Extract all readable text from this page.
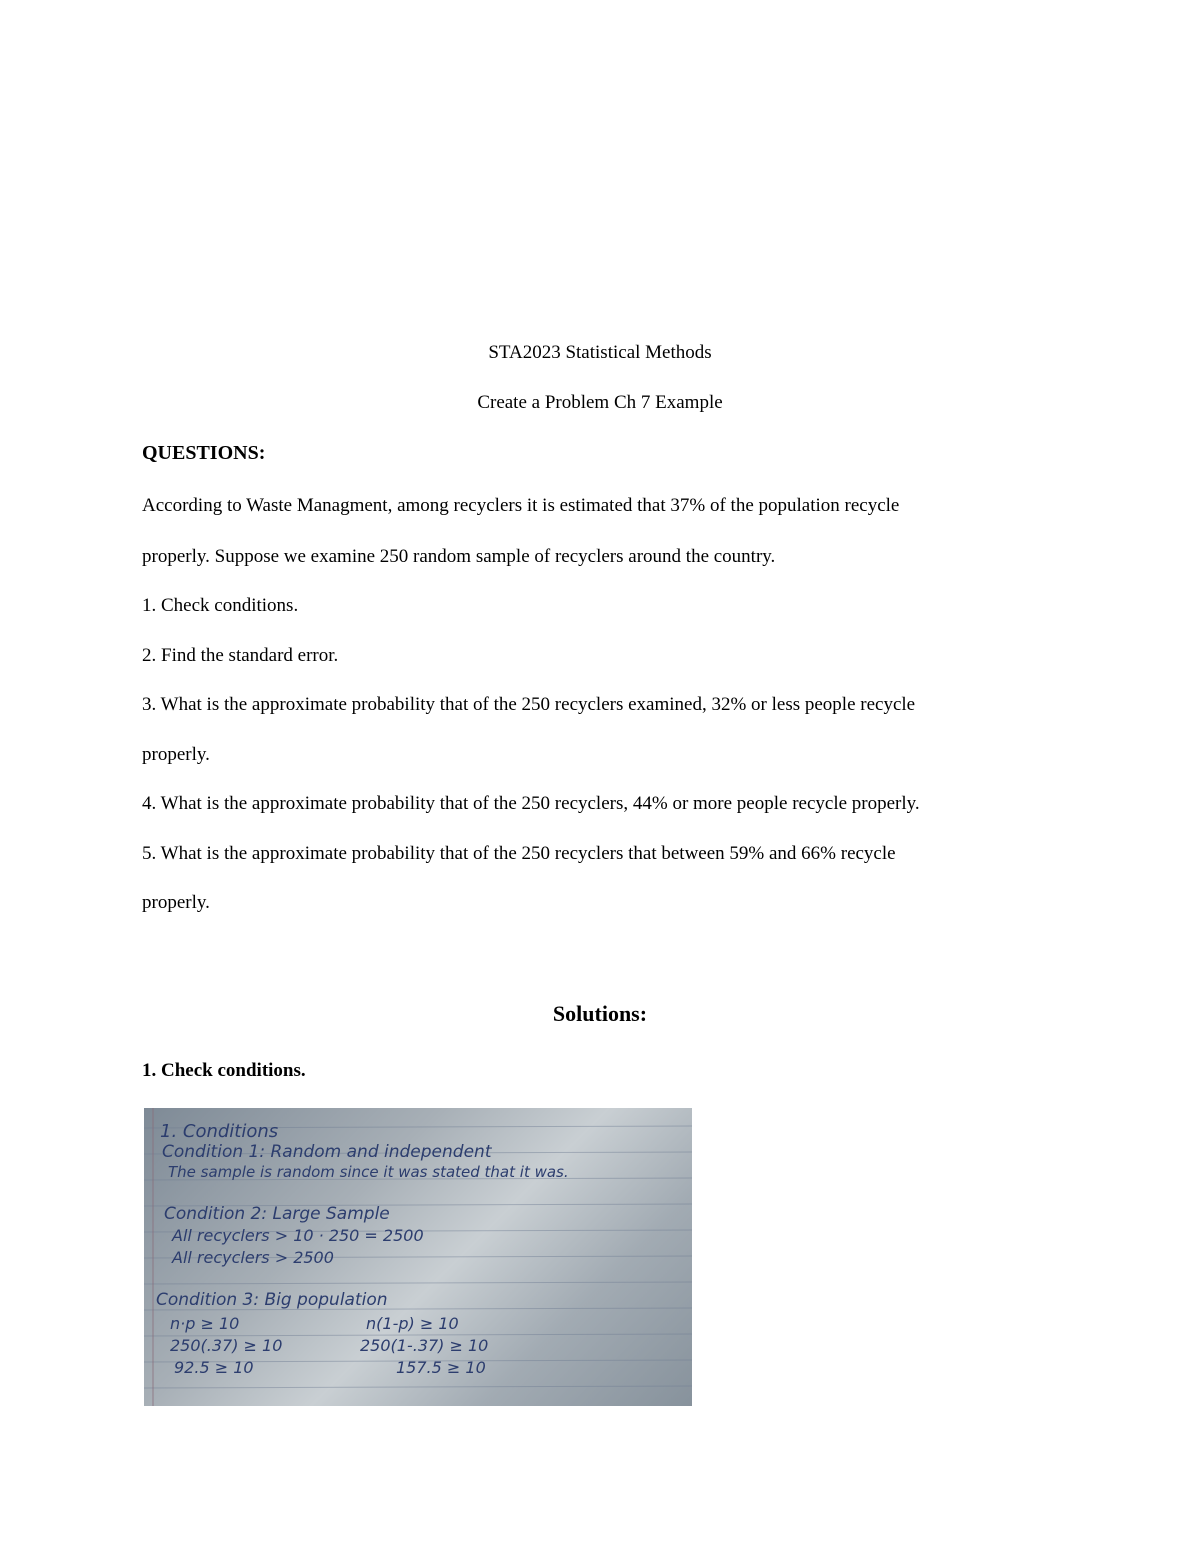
STA2023 Statistical Methods
Create a Problem Ch 7 Example
QUESTIONS:
According to Waste Managment, among recyclers it is estimated that 37% of the population recycle
properly. Suppose we examine 250 random sample of recyclers around the country.
1. Check conditions.
2. Find the standard error.
3. What is the approximate probability that of the 250 recyclers examined, 32% or less people recycle
properly.
4. What is the approximate probability that of the 250 recyclers, 44% or more people recycle properly.
5. What is the approximate probability that of the 250 recyclers that between 59% and 66% recycle
properly.
Solutions:
1. Check conditions.
1. Conditions
Condition 1: Random and independent
The sample is random since it was stated that it was.
Condition 2: Large Sample
All recyclers > 10 · 250 = 2500
All recyclers > 2500
Condition 3: Big population
n·p ≥ 10
250(.37) ≥ 10
92.5 ≥ 10
n(1-p) ≥ 10
250(1-.37) ≥ 10
157.5 ≥ 10
